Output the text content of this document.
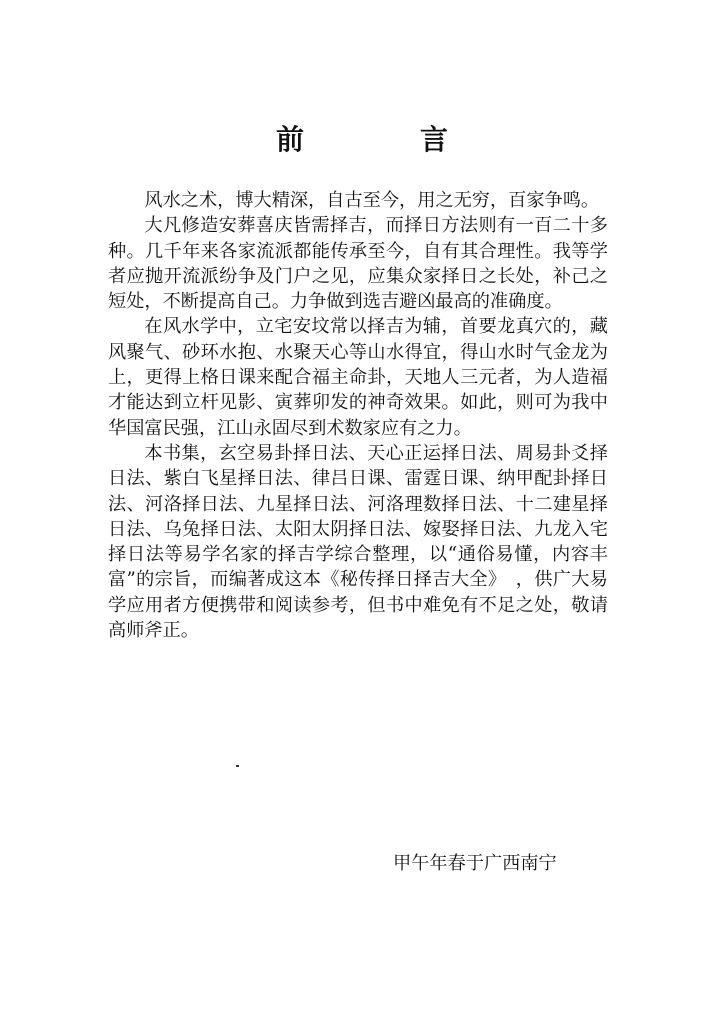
前　言

风水之术，博大精深，自古至今，用之无穷，百家争鸣。

大凡修造安葬喜庆皆需择吉，而择日方法则有一百二十多种。几千年来各家流派都能传承至今，自有其合理性。我等学者应抛开流派纷争及门户之见，应集众家择日之长处，补己之短处，不断提高自己。力争做到选吉避凶最高的准确度。

在风水学中，立宅安坟常以择吉为辅，首要龙真穴的，藏风聚气、砂环水抱、水聚天心等山水得宜，得山水时气金龙为上，更得上格日课来配合福主命卦，天地人三元者，为人造福才能达到立杆见影、寅葬卯发的神奇效果。如此，则可为我中华国富民强，江山永固尽到术数家应有之力。

本书集，玄空易卦择日法、天心正运择日法、周易卦爻择日法、紫白飞星择日法、律吕日课、雷霆日课、纳甲配卦择日法、河洛择日法、九星择日法、河洛理数择日法、十二建星择日法、乌兔择日法、太阳太阴择日法、嫁娶择日法、九龙入宅择日法等易学名家的择吉学综合整理，以“通俗易懂，内容丰富”的宗旨，而编著成这本《秘传择日择吉大全》　，供广大易学应用者方便携带和阅读参考，但书中难免有不足之处，敬请高师斧正。

甲午年春于广西南宁
